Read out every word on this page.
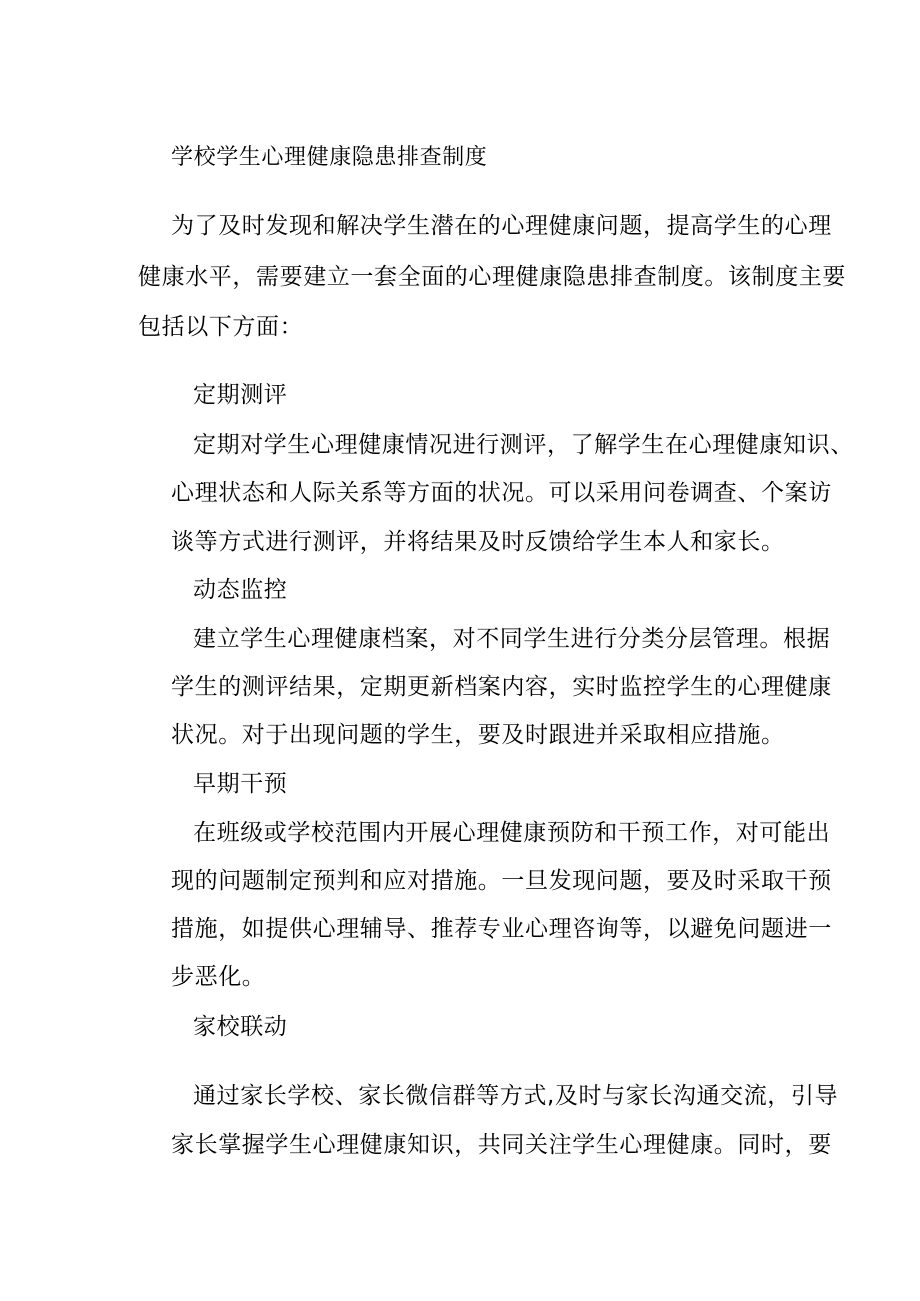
学校学生心理健康隐患排查制度
为了及时发现和解决学生潜在的心理健康问题，提高学生的心理
健康水平，需要建立一套全面的心理健康隐患排查制度。该制度主要
包括以下方面：
定期测评
定期对学生心理健康情况进行测评，了解学生在心理健康知识、
心理状态和人际关系等方面的状况。可以采用问卷调查、个案访
谈等方式进行测评，并将结果及时反馈给学生本人和家长。
动态监控
建立学生心理健康档案，对不同学生进行分类分层管理。根据
学生的测评结果，定期更新档案内容，实时监控学生的心理健康
状况。对于出现问题的学生，要及时跟进并采取相应措施。
早期干预
在班级或学校范围内开展心理健康预防和干预工作，对可能出
现的问题制定预判和应对措施。一旦发现问题，要及时采取干预
措施，如提供心理辅导、推荐专业心理咨询等，以避免问题进一
步恶化。
家校联动
通过家长学校、家长微信群等方式,及时与家长沟通交流，引导
家长掌握学生心理健康知识，共同关注学生心理健康。同时，要
